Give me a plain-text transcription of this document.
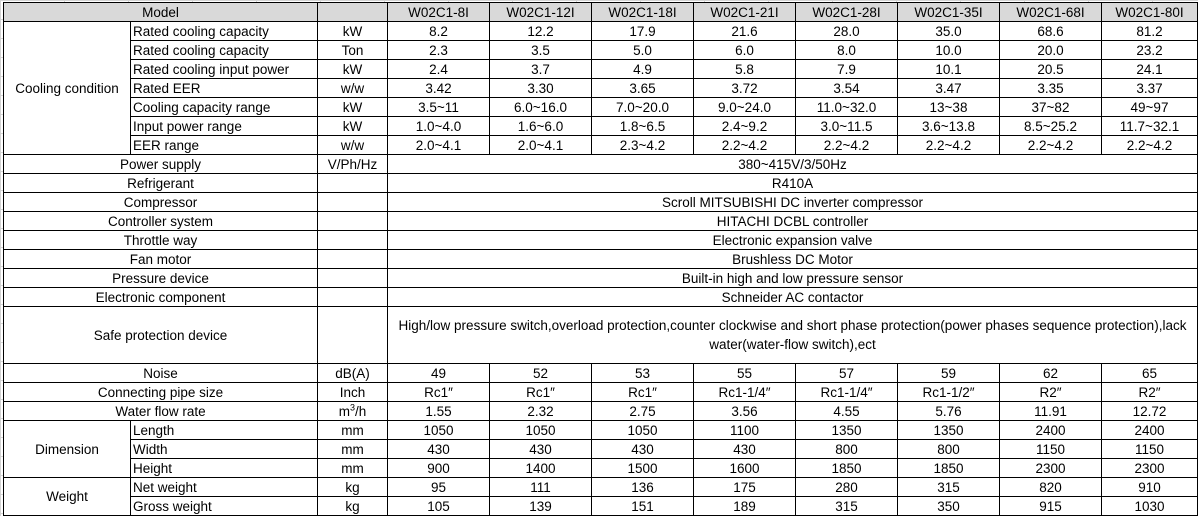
Model			W02C1-8I	W02C1-12I	W02C1-18I	W02C1-21I	W02C1-28I	W02C1-35I	W02C1-68I	W02C1-80I
Cooling condition	Rated cooling capacity	kW	8.2	12.2	17.9	21.6	28.0	35.0	68.6	81.2
	Rated cooling capacity	Ton	2.3	3.5	5.0	6.0	8.0	10.0	20.0	23.2
	Rated cooling input power	kW	2.4	3.7	4.9	5.8	7.9	10.1	20.5	24.1
	Rated EER	w/w	3.42	3.30	3.65	3.72	3.54	3.47	3.35	3.37
	Cooling capacity range	kW	3.5~11	6.0~16.0	7.0~20.0	9.0~24.0	11.0~32.0	13~38	37~82	49~97
	Input power range	kW	1.0~4.0	1.6~6.0	1.8~6.5	2.4~9.2	3.0~11.5	3.6~13.8	8.5~25.2	11.7~32.1
	EER range	w/w	2.0~4.1	2.0~4.1	2.3~4.2	2.2~4.2	2.2~4.2	2.2~4.2	2.2~4.2	2.2~4.2
Power supply		V/Ph/Hz	380~415V/3/50Hz							
Refrigerant			R410A							
Compressor			Scroll MITSUBISHI DC inverter compressor							
Controller system			HITACHI DCBL controller							
Throttle way			Electronic expansion valve							
Fan motor			Brushless DC Motor							
Pressure device			Built-in high and low pressure sensor							
Electronic component			Schneider AC contactor							
Safe protection device			High/low pressure switch,overload protection,counter clockwise and short phase protection(power phases sequence protection),lack water(water-flow switch),ect							
Noise		dB(A)	49	52	53	55	57	59	62	65
Connecting pipe size		Inch	Rc1″	Rc1″	Rc1″	Rc1-1/4″	Rc1-1/4″	Rc1-1/2″	R2″	R2″
Water flow rate		$m^3/h$	1.55	2.32	2.75	3.56	4.55	5.76	11.91	12.72
Dimension	Length	mm	1050	1050	1050	1100	1350	1350	2400	2400
	Width	mm	430	430	430	430	800	800	1150	1150
	Height	mm	900	1400	1500	1600	1850	1850	2300	2300
Weight	Net weight	kg	95	111	136	175	280	315	820	910
	Gross weight	kg	105	139	151	189	315	350	915	1030
